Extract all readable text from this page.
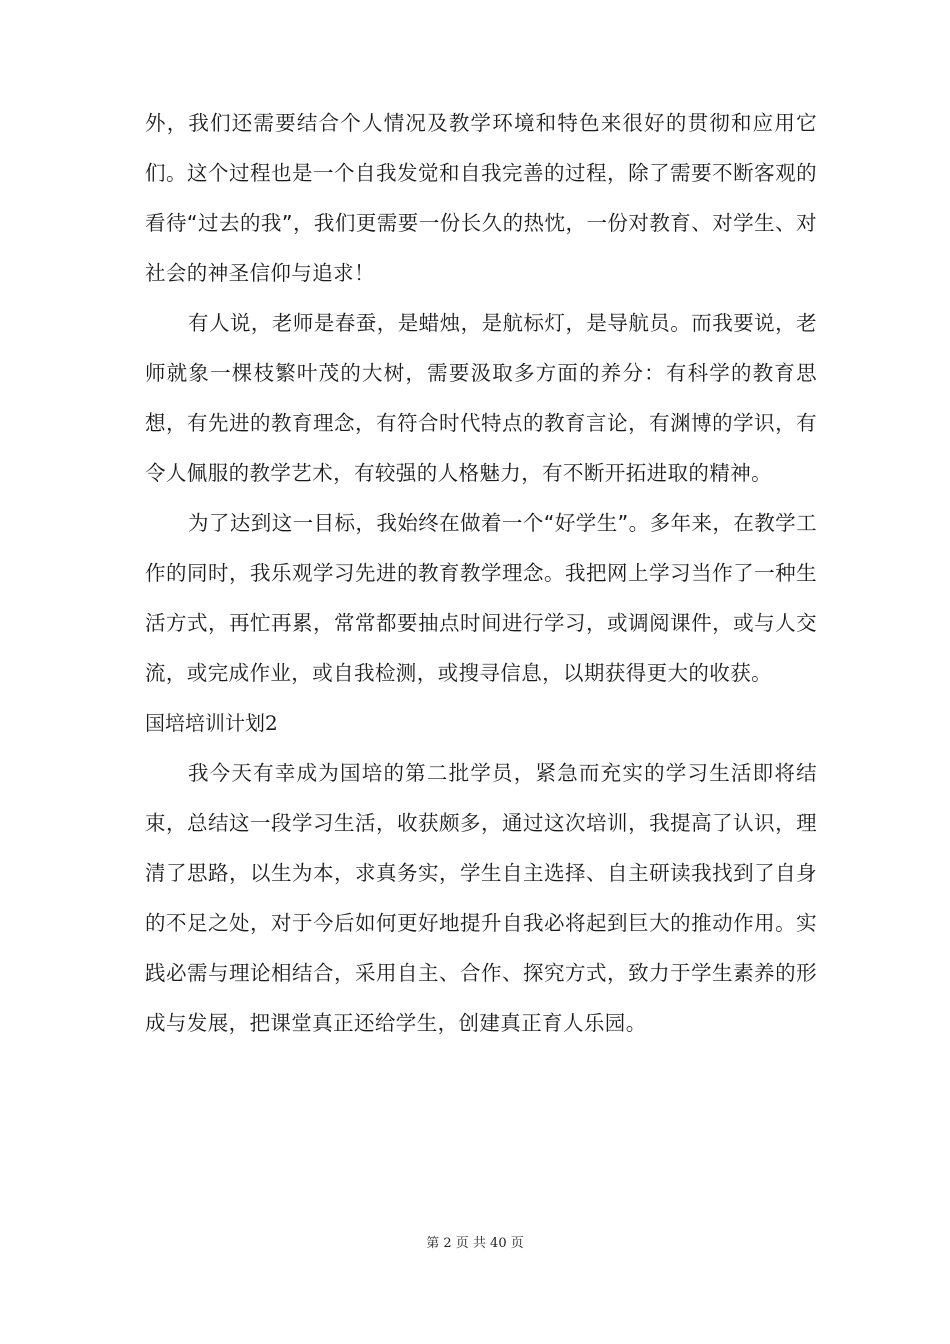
外，我们还需要结合个人情况及教学环境和特色来很好的贯彻和应用它们。这个过程也是一个自我发觉和自我完善的过程，除了需要不断客观的看待“过去的我”，我们更需要一份长久的热忱，一份对教育、对学生、对社会的神圣信仰与追求！

有人说，老师是春蚕，是蜡烛，是航标灯，是导航员。而我要说，老师就象一棵枝繁叶茂的大树，需要汲取多方面的养分：有科学的教育思想，有先进的教育理念，有符合时代特点的教育言论，有渊博的学识，有令人佩服的教学艺术，有较强的人格魅力，有不断开拓进取的精神。

为了达到这一目标，我始终在做着一个“好学生”。多年来，在教学工作的同时，我乐观学习先进的教育教学理念。我把网上学习当作了一种生活方式，再忙再累，常常都要抽点时间进行学习，或调阅课件，或与人交流，或完成作业，或自我检测，或搜寻信息，以期获得更大的收获。

国培培训计划2

我今天有幸成为国培的第二批学员，紧急而充实的学习生活即将结束，总结这一段学习生活，收获颇多，通过这次培训，我提高了认识，理清了思路，以生为本，求真务实，学生自主选择、自主研读我找到了自身的不足之处，对于今后如何更好地提升自我必将起到巨大的推动作用。实践必需与理论相结合，采用自主、合作、探究方式，致力于学生素养的形成与发展，把课堂真正还给学生，创建真正育人乐园。

第 2 页 共 40 页
